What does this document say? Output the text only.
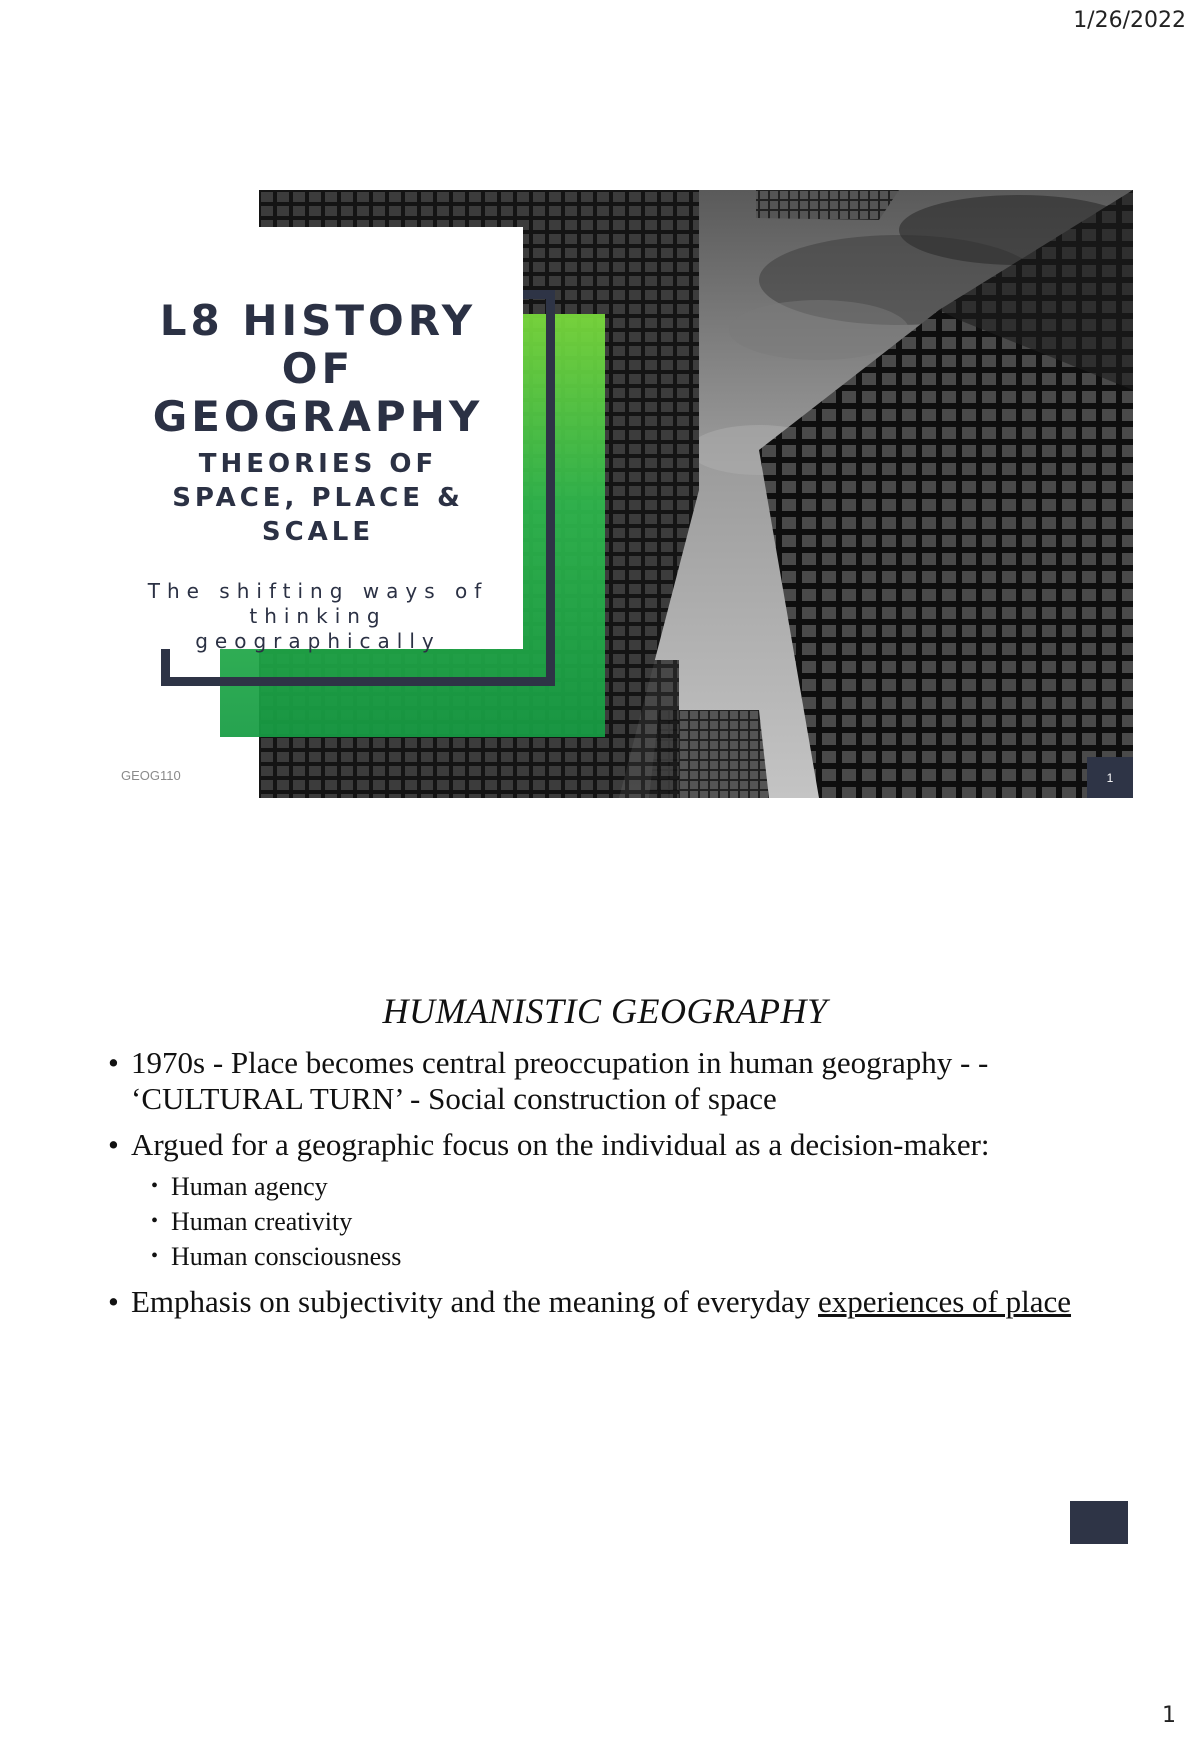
1/26/2022
L8 HISTORY OF GEOGRAPHY
THEORIES OF SPACE, PLACE & SCALE
The shifting ways of thinking geographically
GEOG110	1
HUMANISTIC GEOGRAPHY
• 1970s - Place becomes central preoccupation in human geography - - ‘CULTURAL TURN’ - Social construction of space
• Argued for a geographic focus on the individual as a decision-maker:
• Human agency
• Human creativity
• Human consciousness
• Emphasis on subjectivity and the meaning of everyday experiences of place
1
